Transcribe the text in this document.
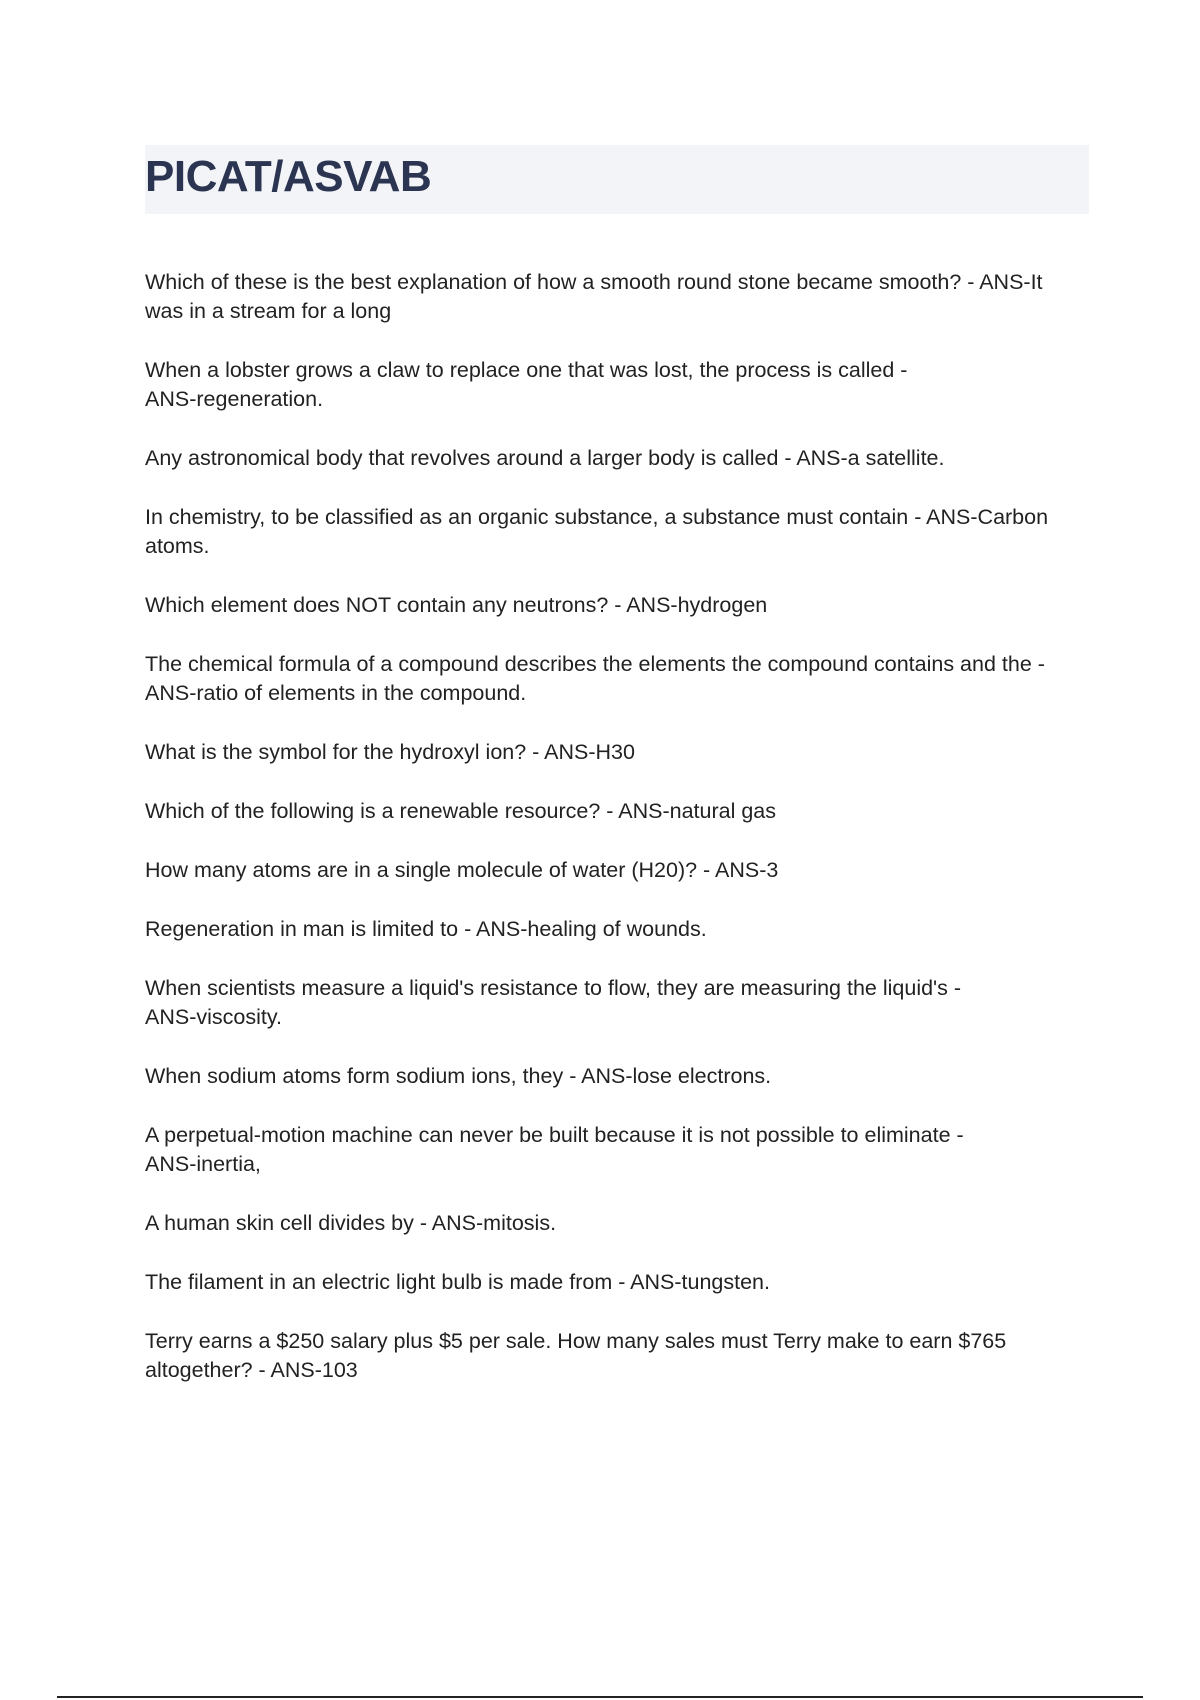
PICAT/ASVAB
Which of these is the best explanation of how a smooth round stone became smooth? - ANS-It
was in a stream for a long
When a lobster grows a claw to replace one that was lost, the process is called -
ANS-regeneration.
Any astronomical body that revolves around a larger body is called - ANS-a satellite.
In chemistry, to be classified as an organic substance, a substance must contain - ANS-Carbon
atoms.
Which element does NOT contain any neutrons? - ANS-hydrogen
The chemical formula of a compound describes the elements the compound contains and the -
ANS-ratio of elements in the compound.
What is the symbol for the hydroxyl ion? - ANS-H30
Which of the following is a renewable resource? - ANS-natural gas
How many atoms are in a single molecule of water (H20)? - ANS-3
Regeneration in man is limited to - ANS-healing of wounds.
When scientists measure a liquid's resistance to flow, they are measuring the liquid's -
ANS-viscosity.
When sodium atoms form sodium ions, they - ANS-lose electrons.
A perpetual-motion machine can never be built because it is not possible to eliminate -
ANS-inertia,
A human skin cell divides by - ANS-mitosis.
The filament in an electric light bulb is made from - ANS-tungsten.
Terry earns a $250 salary plus $5 per sale. How many sales must Terry make to earn $765
altogether? - ANS-103
